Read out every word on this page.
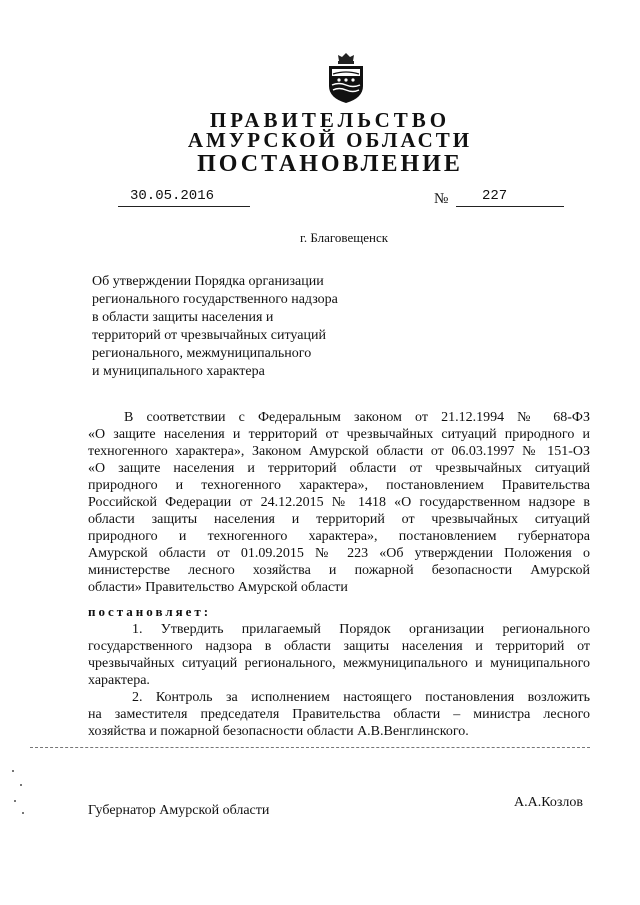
ПРАВИТЕЛЬСТВО
АМУРСКОЙ ОБЛАСТИ
ПОСТАНОВЛЕНИЕ
30.05.2016	№ 227
г. Благовещенск
Об утверждении Порядка организации
регионального государственного надзора
в области защиты населения и
территорий от чрезвычайных ситуаций
регионального, межмуниципального
и муниципального характера
В соответствии с Федеральным законом от 21.12.1994 № 68-ФЗ
«О защите населения и территорий от чрезвычайных ситуаций природного и
техногенного характера», Законом Амурской области от 06.03.1997 № 151-ОЗ
«О защите населения и территорий области от чрезвычайных ситуаций
природного и техногенного характера», постановлением Правительства
Российской Федерации от 24.12.2015 № 1418 «О государственном надзоре в
области защиты населения и территорий от чрезвычайных ситуаций
природного и техногенного характера», постановлением губернатора
Амурской области от 01.09.2015 № 223 «Об утверждении Положения о
министерстве лесного хозяйства и пожарной безопасности Амурской
области» Правительство Амурской области
постановляет:
1. Утвердить прилагаемый Порядок организации регионального
государственного надзора в области защиты населения и территорий от
чрезвычайных ситуаций регионального, межмуниципального и муниципального
характера.
2. Контроль за исполнением настоящего постановления возложить
на заместителя председателя Правительства области – министра лесного
хозяйства и пожарной безопасности области А.В.Венглинского.
Губернатор Амурской области
А.А.Козлов
